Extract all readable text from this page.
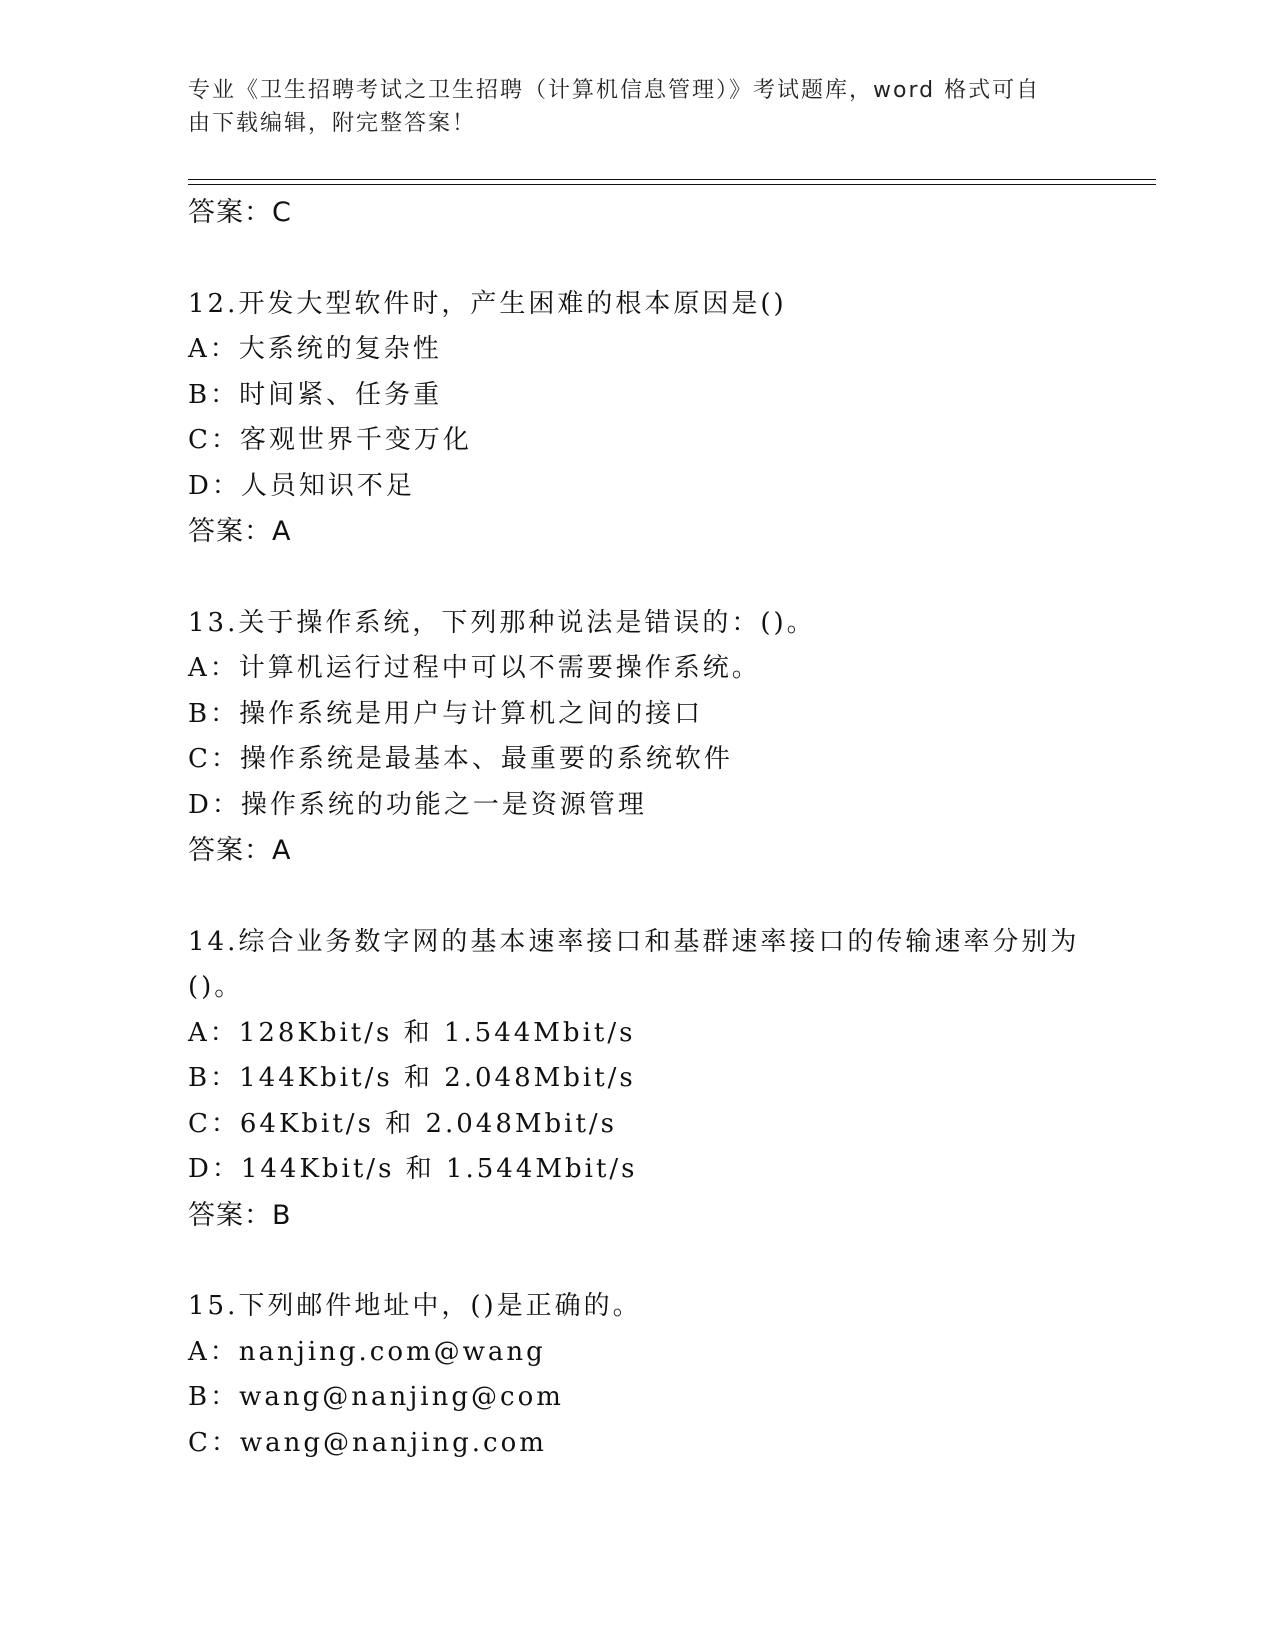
专业《卫生招聘考试之卫生招聘（计算机信息管理）》考试题库，word 格式可自
由下载编辑，附完整答案！
答案：C
12.开发大型软件时，产生困难的根本原因是()
A：大系统的复杂性
B：时间紧、任务重
C：客观世界千变万化
D：人员知识不足
答案：A
13.关于操作系统，下列那种说法是错误的：()。
A：计算机运行过程中可以不需要操作系统。
B：操作系统是用户与计算机之间的接口
C：操作系统是最基本、最重要的系统软件
D：操作系统的功能之一是资源管理
答案：A
14.综合业务数字网的基本速率接口和基群速率接口的传输速率分别为
()。
A：128Kbit/s 和 1.544Mbit/s
B：144Kbit/s 和 2.048Mbit/s
C：64Kbit/s 和 2.048Mbit/s
D：144Kbit/s 和 1.544Mbit/s
答案：B
15.下列邮件地址中，()是正确的。
A：nanjing.com@wang
B：wang@nanjing@com
C：wang@nanjing.com
